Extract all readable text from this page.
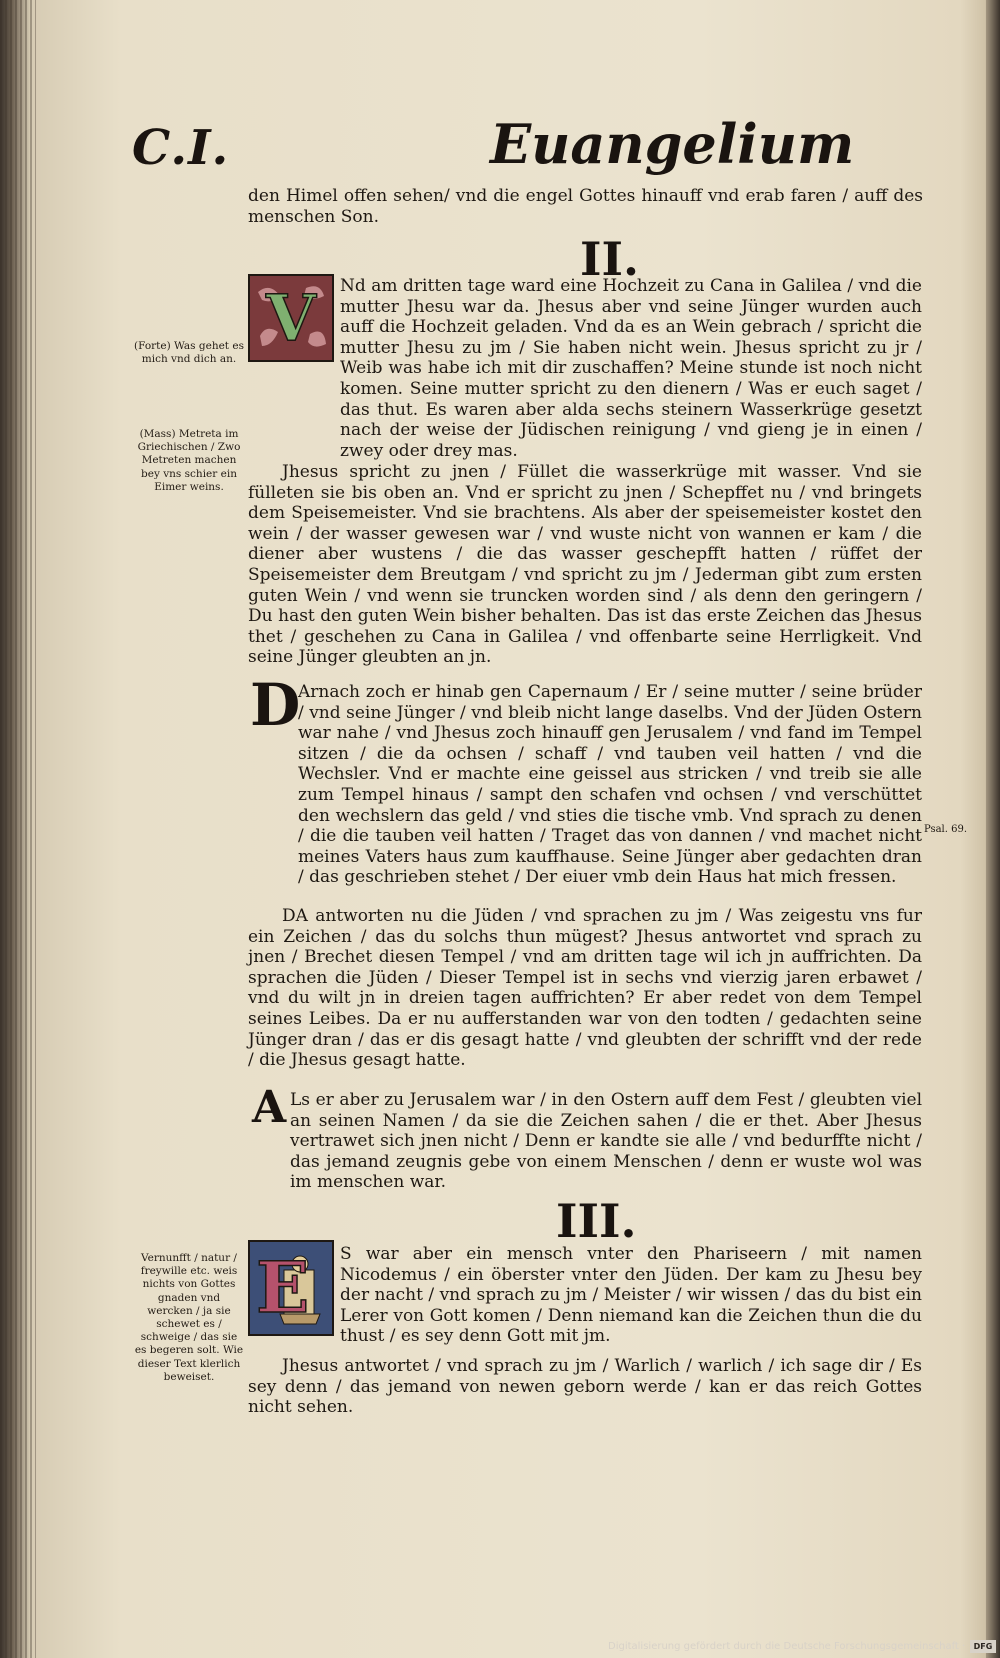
C.I.	Euangelium

den Himel offen sehen/ vnd die engel Gottes hinauff vnd erab faren / auff des menschen Son.

II.
V Nd am dritten tage ward eine Hochzeit zu Cana in Galilea / vnd die mutter Jhesu war da. Jhesus aber vnd seine Jünger wurden auch auff die Hochzeit geladen. Vnd da es an Wein gebrach / spricht die mutter Jhesu zu jm / Sie haben nicht wein. Jhesus spricht zu jr / Weib was habe ich mit dir zuschaffen? Meine stunde ist noch nicht komen. Seine mutter spricht zu den dienern / Was er euch saget / das thut. Es waren aber alda sechs steinern Wasserkrüge gesetzt nach der weise der Jüdischen reinigung / vnd gieng je in einen / zwey oder drey mas.

(Forte) Was gehet es mich vnd dich an.

(Mass) Metreta im Griechischen / Zwo Metreten machen bey vns schier ein Eimer weins.

Jhesus spricht zu jnen / Füllet die wasserkrüge mit wasser. Vnd sie fülleten sie bis oben an. Vnd er spricht zu jnen / Schepffet nu / vnd bringets dem Speisemeister. Vnd sie brachtens. Als aber der speisemeister kostet den wein / der wasser gewesen war / vnd wuste nicht von wannen er kam / die diener aber wustens / die das wasser geschepfft hatten / rüffet der Speisemeister dem Breutgam / vnd spricht zu jm / Jederman gibt zum ersten guten Wein / vnd wenn sie truncken worden sind / als denn den geringern / Du hast den guten Wein bisher behalten. Das ist das erste Zeichen das Jhesus thet / geschehen zu Cana in Galilea / vnd offenbarte seine Herrligkeit. Vnd seine Jünger gleubten an jn.

D

Arnach zoch er hinab gen Capernaum / Er / seine mutter / seine brüder / vnd seine Jünger / vnd bleib nicht lange daselbs. Vnd der Jüden Ostern war nahe / vnd Jhesus zoch hinauff gen Jerusalem / vnd fand im Tempel sitzen / die da ochsen / schaff / vnd tauben veil hatten / vnd die Wechsler. Vnd er machte eine geissel aus stricken / vnd treib sie alle zum Tempel hinaus / sampt den schafen vnd ochsen / vnd verschüttet den wechslern das geld / vnd sties die tische vmb. Vnd sprach zu denen / die die tauben veil hatten / Traget das von dannen / vnd machet nicht meines Vaters haus zum kauffhause. Seine Jünger aber gedachten dran / das geschrieben stehet / Der eiuer vmb dein Haus hat mich fressen.

Psal. 69.

DA antworten nu die Jüden / vnd sprachen zu jm / Was zeigestu vns fur ein Zeichen / das du solchs thun mügest? Jhesus antwortet vnd sprach zu jnen / Brechet diesen Tempel / vnd am dritten tage wil ich jn auffrichten. Da sprachen die Jüden / Dieser Tempel ist in sechs vnd vierzig jaren erbawet / vnd du wilt jn in dreien tagen auffrichten? Er aber redet von dem Tempel seines Leibes. Da er nu aufferstanden war von den todten / gedachten seine Jünger dran / das er dis gesagt hatte / vnd gleubten der schrifft vnd der rede / die Jhesus gesagt hatte.

A Ls er aber zu Jerusalem war / in den Ostern auff dem Fest / gleubten viel an seinen Namen / da sie die Zeichen sahen / die er thet. Aber Jhesus vertrawet sich jnen nicht / Denn er kandte sie alle / vnd bedurffte nicht / das jemand zeugnis gebe von einem Menschen / denn er wuste wol was im menschen war.

III.
E S war aber ein mensch vnter den Phariseern / mit namen Nicodemus / ein öberster vnter den Jüden. Der kam zu Jhesu bey der nacht / vnd sprach zu jm / Meister / wir wissen / das du bist ein Lerer von Gott komen / Denn niemand kan die Zeichen thun die du thust / es sey denn Gott mit jm.

Vernunfft / natur / freywille etc. weis nichts von Gottes gnaden vnd wercken / ja sie schewet es / schweige / das sie es begeren solt. Wie dieser Text klerlich beweiset.

Jhesus antwortet / vnd sprach zu jm / Warlich / warlich / ich sage dir / Es sey denn / das jemand von newen geborn werde / kan er das reich Gottes nicht sehen.

Digitalisierung gefördert durch die Deutsche Forschungsgemeinschaft ·	DFG
